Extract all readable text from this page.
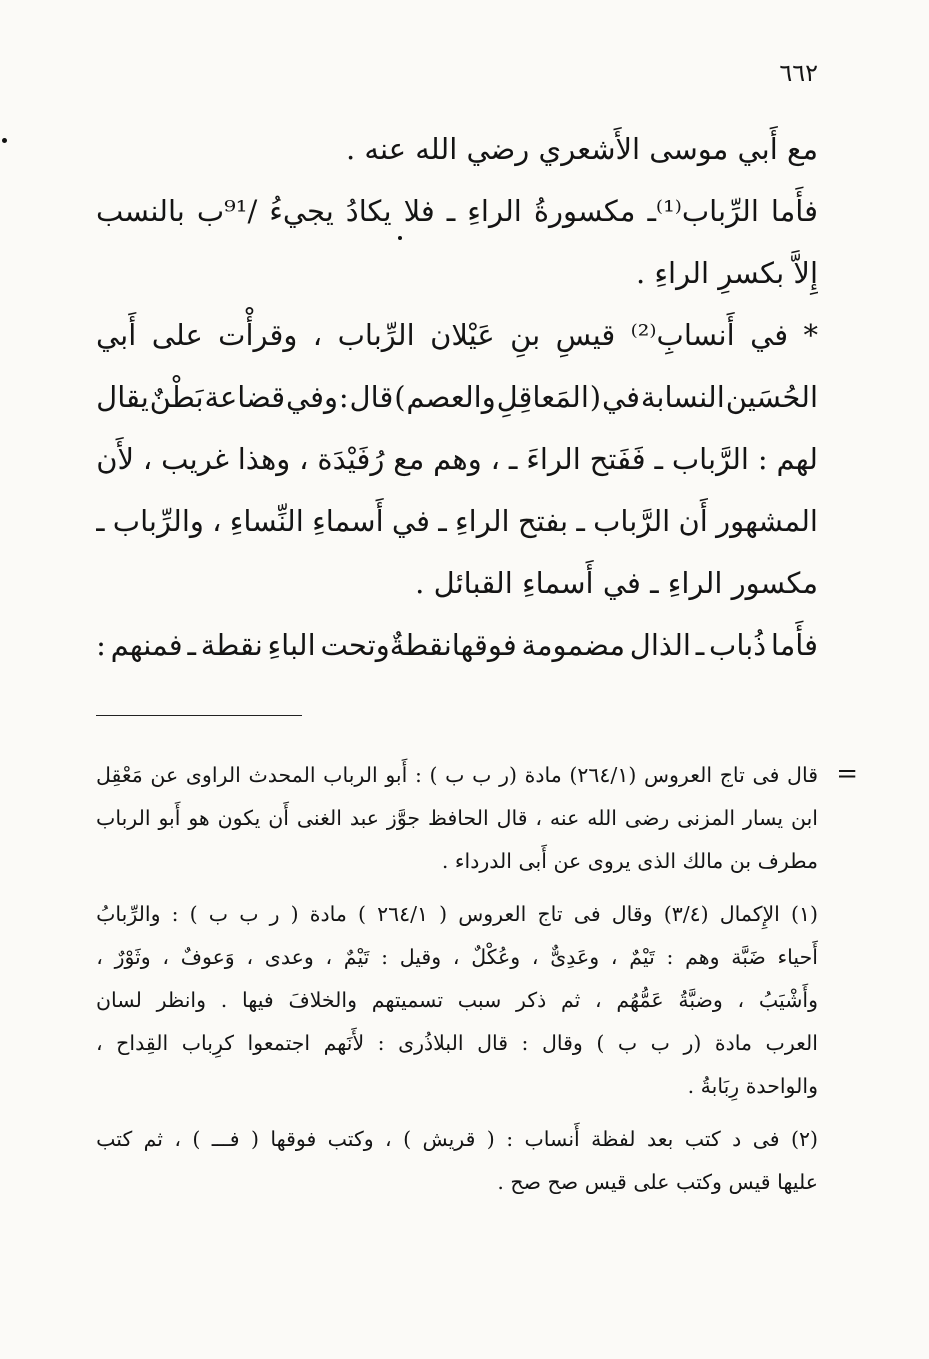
٦٦٢
مع أَبي موسى الأَشعري رضي الله عنه .
فأَما
الرِّباب⁽¹⁾ـ
مكسورةُ
الراءِ
ـ
فلا
يكادُ
يجيءُ
/⁹¹ب
بالنسب
إِلاَّ بكسرِ الراءِ .
*
في
أَنسابِ⁽²⁾
قيسِ
بنِ
عَيْلان
الرِّباب
،
وقرأْت
على
أَبي
الحُسَين
النسابة
في
(
المَعاقِلِ
والعصم
)
قال
:
وفي
قضاعة
بَطْنٌ
يقال
لهم
:
الرَّباب
ـ
فَفَتح
الراءَ
ـ
،
وهم
مع
رُفَيْدَة
،
وهذا
غريب
،
لأَن
المشهور
أَن
الرَّباب
ـ
بفتح
الراءِ
ـ
في
أَسماءِ
النِّساءِ
،
والرِّباب
ـ
مكسور الراءِ ـ في أَسماءِ القبائل .
فأَما
ذُباب
ـ
الذال
مضمومة
فوقهانقطةٌوتحت
الباءِ
نقطة
ـ
فمنهم
:
قال
فى
تاج
العروس
(٢٦٤/١)
مادة
(ر
ب
ب
)
:
أَبو
الرباب
المحدث
الراوى
عن
مَعْقِل
ابن
يسار
المزنى
رضى
الله
عنه
،
قال
الحافظ
جوَّز
عبد
الغنى
أَن
يكون
هو
أَبو
الرباب
مطرف بن مالك الذى يروى عن أَبى الدرداء .
(١)
الإِكمال
(٣/٤)
وقال
فى
تاج
العروس
(
٢٦٤/١
)
مادة
(
ر
ب
ب
)
:
والرِّبابُ
أَحياء
ضَبَّة
وهم
:
تَيْمٌ
،
وعَدِىٌّ
،
وعُكْلٌ
،
وقيل
:
تَيْمٌ
،
وعدى
،
وَعوفٌ
،
وثَوْرٌ
،
وأَشْيَبُ
،
وضبَّةُ
عَمُّهُم
،
ثم
ذكر
سبب
تسميتهم
والخلافَ
فيها
.
وانظر
لسان
العرب
مادة
(ر
ب
ب
)
وقال
:
قال
البلاذُرى
:
لأَنَهم
اجتمعوا
كرِباب
القِداح
،
والواحدة رِبَابةُ .
(٢)
فى
د
كتب
بعد
لفظة
أَنساب
:
(
قريش
)
،
وكتب
فوقها
(
فـــ
)
،
ثم
كتب
عليها قيس وكتب على قيس صح صح .
=
